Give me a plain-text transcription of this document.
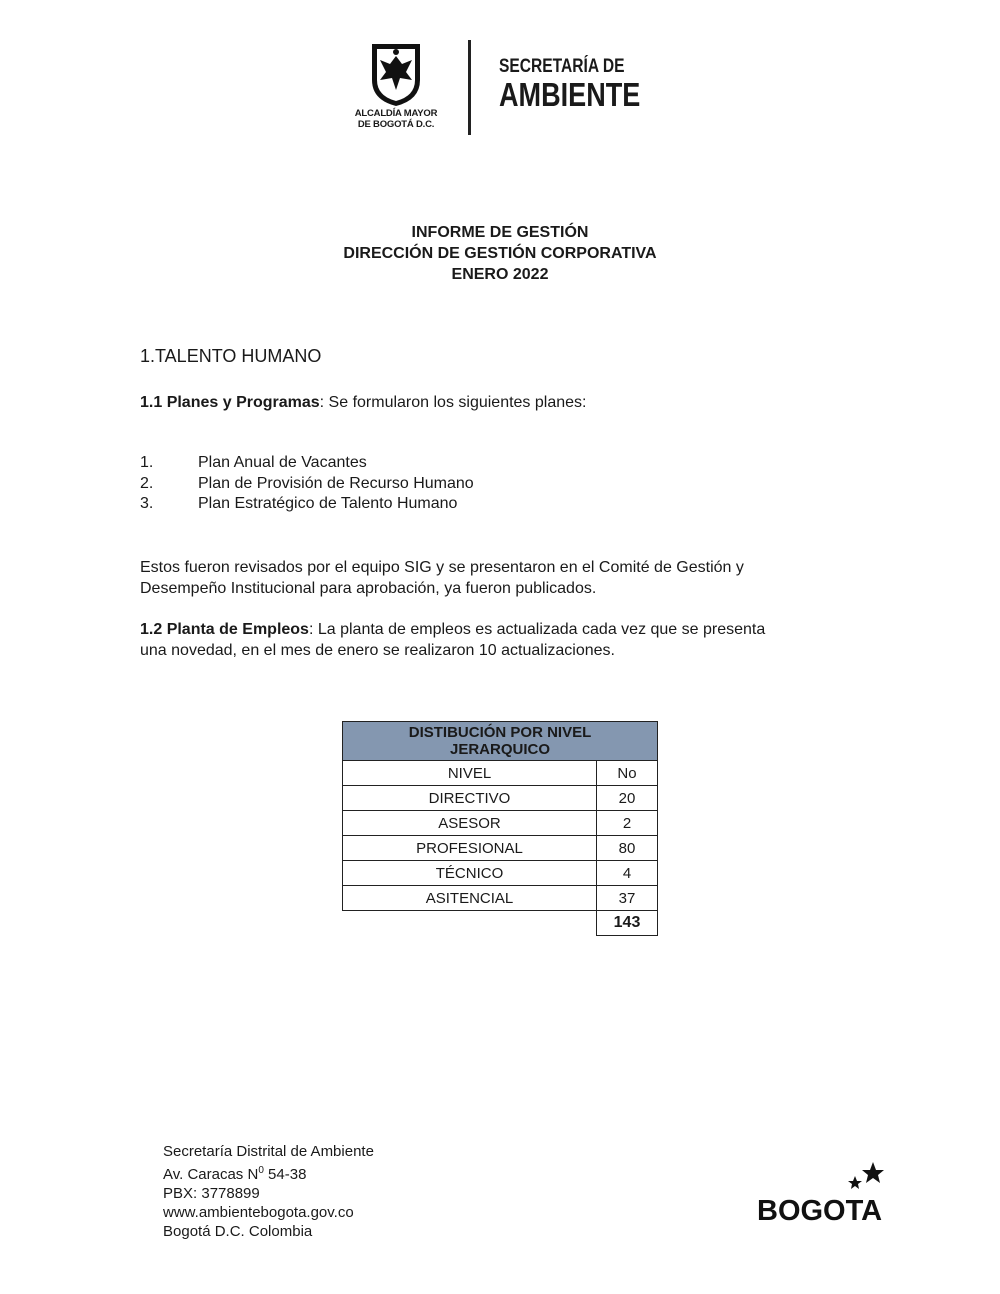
ALCALDÍA MAYOR
DE BOGOTÁ D.C.
SECRETARÍA DE
AMBIENTE
INFORME DE GESTIÓN
DIRECCIÓN DE GESTIÓN CORPORATIVA
ENERO 2022
1.TALENTO HUMANO
1.1 Planes y Programas: Se formularon los siguientes planes:
1.	Plan Anual de Vacantes
2.	Plan de Provisión de Recurso Humano
3.	Plan Estratégico de Talento Humano
Estos fueron revisados por el equipo SIG y se presentaron en el Comité de Gestión y
Desempeño Institucional para aprobación, ya fueron publicados.
1.2 Planta de Empleos: La planta de empleos es actualizada cada vez que se presenta
una novedad, en el mes de enero se realizaron 10 actualizaciones.
DISTIBUCIÓN POR NIVEL
JERARQUICO	

NIVEL	No
DIRECTIVO	20
ASESOR	2
PROFESIONAL	80
TÉCNICO	4
ASITENCIAL	37
	143
Secretaría Distrital de Ambiente
Av. Caracas $N^0$ 54-38
PBX: 3778899
www.ambientebogota.gov.co
Bogotá D.C. Colombia
BOGOTA
